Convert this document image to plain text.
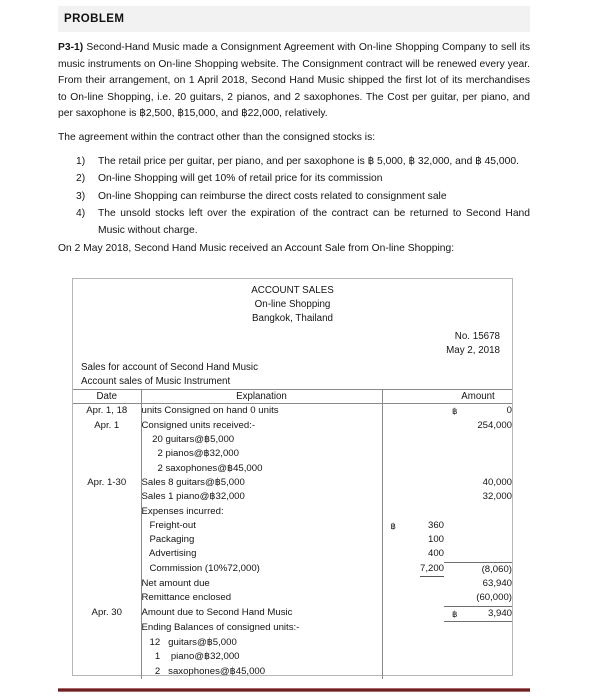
PROBLEM

P3-1) Second-Hand Music made a Consignment Agreement with On-line Shopping Company to sell its music instruments on On-line Shopping website. The Consignment contract will be renewed every year. From their arrangement, on 1 April 2018, Second Hand Music shipped the first lot of its merchandises to On-line Shopping, i.e. 20 guitars, 2 pianos, and 2 saxophones. The Cost per guitar, per piano, and per saxophone is ฿2,500, ฿15,000, and ฿22,000, relatively.

The agreement within the contract other than the consigned stocks is:

1)	The retail price per guitar, per piano, and per saxophone is ฿ 5,000, ฿ 32,000, and ฿ 45,000.
2)	On-line Shopping will get 10% of retail price for its commission
3)	On-line Shopping can reimburse the direct costs related to consignment sale
4)	The unsold stocks left over the expiration of the contract can be returned to Second Hand Music without charge.

On 2 May 2018, Second Hand Music received an Account Sale from On-line Shopping:

ACCOUNT SALES
On-line Shopping
Bangkok, Thailand
No. 15678
May 2, 2018
Sales for account of Second Hand Music
Account sales of Music Instrument
Date	Explanation		Amount
Apr. 1, 18	units Consigned on hand 0 units		฿ 0
Apr. 1	Consigned units received:-		254,000
	20 guitars@฿5,000		
	2 pianos@฿32,000		
	2 saxophones@฿45,000		
Apr. 1-30	Sales 8 guitars@฿5,000		40,000
	Sales 1 piano@฿32,000		32,000
	Expenses incurred:		
	Freight-out	฿ 360	
	Packaging	100	
	Advertising	400	
	Commission (10%72,000)	7,200	(8,060)
	Net amount due		63,940
	Remittance enclosed		(60,000)
Apr. 30	Amount due to Second Hand Music		฿ 3,940
	Ending Balances of consigned units:-		
	12   guitars@฿5,000		
	1    piano@฿32,000		
	2   saxophones@฿45,000		
